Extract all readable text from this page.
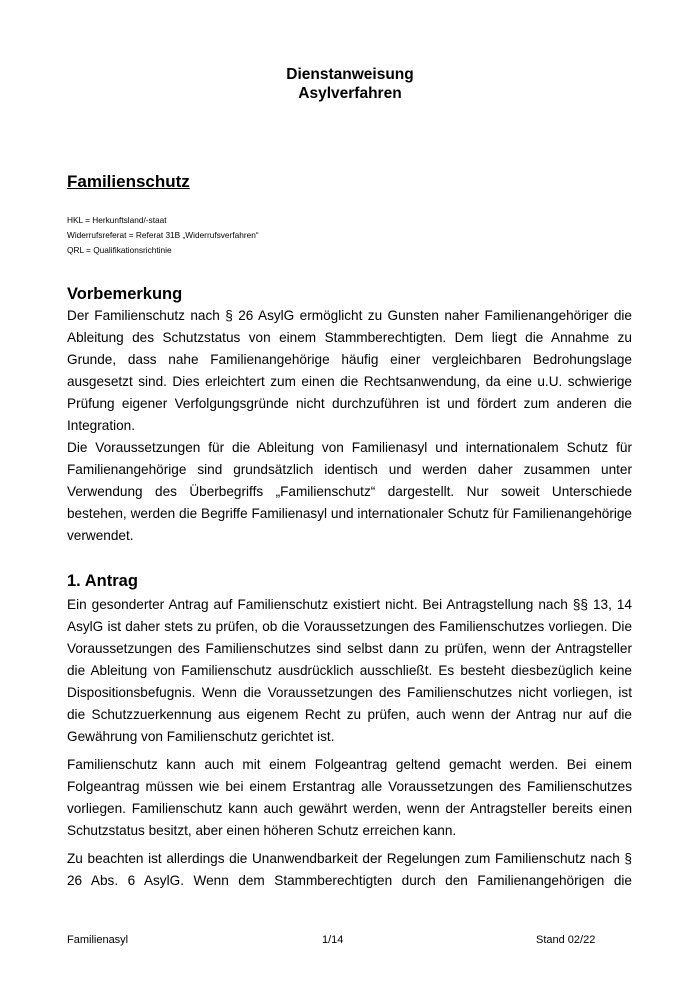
Dienstanweisung
Asylverfahren
Familienschutz
HKL = Herkunftsland/-staat
Widerrufsreferat = Referat 31B „Widerrufsverfahren“
QRL = Qualifikationsrichtinie
Vorbemerkung

Der Familienschutz nach § 26 AsylG ermöglicht zu Gunsten naher Familienangehöriger die Ableitung des Schutzstatus von einem Stammberechtigten. Dem liegt die Annahme zu Grunde, dass nahe Familienangehörige häufig einer vergleichbaren Bedrohungslage ausgesetzt sind. Dies erleichtert zum einen die Rechtsanwendung, da eine u.U. schwierige Prüfung eigener Verfolgungsgründe nicht durchzuführen ist und fördert zum anderen die Integration.

Die Voraussetzungen für die Ableitung von Familienasyl und internationalem Schutz für Familienangehörige sind grundsätzlich identisch und werden daher zusammen unter Verwendung des Überbegriffs „Familienschutz“ dargestellt. Nur soweit Unterschiede bestehen, werden die Begriffe Familienasyl und internationaler Schutz für Familienangehörige verwendet.

1. Antrag

Ein gesonderter Antrag auf Familienschutz existiert nicht. Bei Antragstellung nach §§ 13, 14 AsylG ist daher stets zu prüfen, ob die Voraussetzungen des Familienschutzes vorliegen. Die Voraussetzungen des Familienschutzes sind selbst dann zu prüfen, wenn der Antragsteller die Ableitung von Familienschutz ausdrücklich ausschließt. Es besteht diesbezüglich keine Dispositionsbefugnis. Wenn die Voraussetzungen des Familienschutzes nicht vorliegen, ist die Schutzzuerkennung aus eigenem Recht zu prüfen, auch wenn der Antrag nur auf die Gewährung von Familienschutz gerichtet ist.

Familienschutz kann auch mit einem Folgeantrag geltend gemacht werden. Bei einem Folgeantrag müssen wie bei einem Erstantrag alle Voraussetzungen des Familienschutzes vorliegen. Familienschutz kann auch gewährt werden, wenn der Antragsteller bereits einen Schutzstatus besitzt, aber einen höheren Schutz erreichen kann.

Zu beachten ist allerdings die Unanwendbarkeit der Regelungen zum Familienschutz nach § 26 Abs. 6 AsylG. Wenn dem Stammberechtigten durch den Familienangehörigen die

Familienasyl	1/14	Stand 02/22
